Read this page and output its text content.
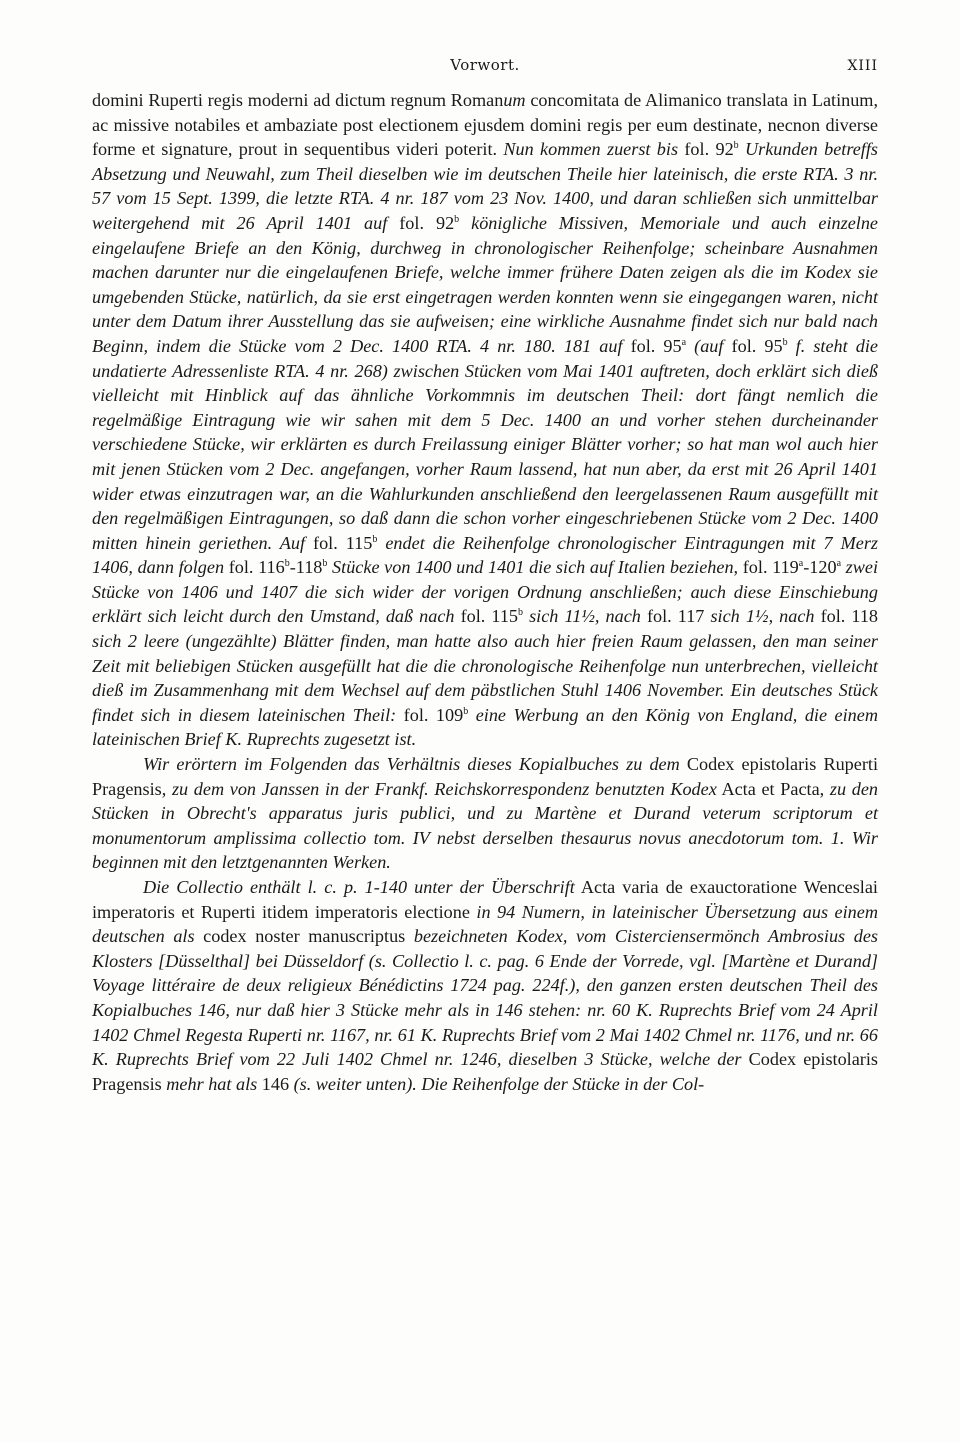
Vorwort.	XIII

domini Ruperti regis moderni ad dictum regnum Romanum concomitata de Alimanico translata in Latinum, ac missive notabiles et ambaziate post electionem ejusdem domini regis per eum destinate, necnon diverse forme et signature, prout in sequentibus videri poterit. Nun kommen zuerst bis fol. 92$^b$ Urkunden betreffs Absetzung und Neuwahl, zum Theil dieselben wie im deutschen Theile hier lateinisch, die erste RTA. 3 nr. 57 vom 15 Sept. 1399, die letzte RTA. 4 nr. 187 vom 23 Nov. 1400, und daran schließen sich unmittelbar weitergehend mit 26 April 1401 auf fol. 92$^b$ königliche Missiven, Memoriale und auch einzelne eingelaufene Briefe an den König, durchweg in chronologischer Reihenfolge; scheinbare Ausnahmen machen darunter nur die eingelaufenen Briefe, welche immer frühere Daten zeigen als die im Kodex sie umgebenden Stücke, natürlich, da sie erst eingetragen werden konnten wenn sie eingegangen waren, nicht unter dem Datum ihrer Ausstellung das sie aufweisen; eine wirkliche Ausnahme findet sich nur bald nach Beginn, indem die Stücke vom 2 Dec. 1400 RTA. 4 nr. 180. 181 auf fol. 95$^a$ (auf fol. 95$^b$ f. steht die undatierte Adressenliste RTA. 4 nr. 268) zwischen Stücken vom Mai 1401 auftreten, doch erklärt sich dieß vielleicht mit Hinblick auf das ähnliche Vorkommnis im deutschen Theil: dort fängt nemlich die regelmäßige Eintragung wie wir sahen mit dem 5 Dec. 1400 an und vorher stehen durcheinander verschiedene Stücke, wir erklärten es durch Freilassung einiger Blätter vorher; so hat man wol auch hier mit jenen Stücken vom 2 Dec. angefangen, vorher Raum lassend, hat nun aber, da erst mit 26 April 1401 wider etwas einzutragen war, an die Wahlurkunden anschließend den leergelassenen Raum ausgefüllt mit den regelmäßigen Eintragungen, so daß dann die schon vorher eingeschriebenen Stücke vom 2 Dec. 1400 mitten hinein geriethen. Auf fol. 115$^b$ endet die Reihenfolge chronologischer Eintragungen mit 7 Merz 1406, dann folgen fol. 116$^b$-118$^b$ Stücke von 1400 und 1401 die sich auf Italien beziehen, fol. 119$^a$-120$^a$ zwei Stücke von 1406 und 1407 die sich wider der vorigen Ordnung anschließen; auch diese Einschiebung erklärt sich leicht durch den Umstand, daß nach fol. 115$^b$ sich 11½, nach fol. 117 sich 1½, nach fol. 118 sich 2 leere (ungezählte) Blätter finden, man hatte also auch hier freien Raum gelassen, den man seiner Zeit mit beliebigen Stücken ausgefüllt hat die die chronologische Reihenfolge nun unterbrechen, vielleicht dieß im Zusammenhang mit dem Wechsel auf dem päbstlichen Stuhl 1406 November. Ein deutsches Stück findet sich in diesem lateinischen Theil: fol. 109$^b$ eine Werbung an den König von England, die einem lateinischen Brief K. Ruprechts zugesetzt ist.

Wir erörtern im Folgenden das Verhältnis dieses Kopialbuches zu dem Codex epistolaris Ruperti Pragensis, zu dem von Janssen in der Frankf. Reichskorrespondenz benutzten Kodex Acta et Pacta, zu den Stücken in Obrecht's apparatus juris publici, und zu Martène et Durand veterum scriptorum et monumentorum amplissima collectio tom. IV nebst derselben thesaurus novus anecdotorum tom. 1. Wir beginnen mit den letztgenannten Werken.

Die Collectio enthält l. c. p. 1-140 unter der Überschrift Acta varia de exauctoratione Wenceslai imperatoris et Ruperti itidem imperatoris electione in 94 Numern, in lateinischer Übersetzung aus einem deutschen als codex noster manuscriptus bezeichneten Kodex, vom Cisterciensermönch Ambrosius des Klosters [Düsselthal] bei Düsseldorf (s. Collectio l. c. pag. 6 Ende der Vorrede, vgl. [Martène et Durand] Voyage littéraire de deux religieux Bénédictins 1724 pag. 224f.), den ganzen ersten deutschen Theil des Kopialbuches 146, nur daß hier 3 Stücke mehr als in 146 stehen: nr. 60 K. Ruprechts Brief vom 24 April 1402 Chmel Regesta Ruperti nr. 1167, nr. 61 K. Ruprechts Brief vom 2 Mai 1402 Chmel nr. 1176, und nr. 66 K. Ruprechts Brief vom 22 Juli 1402 Chmel nr. 1246, dieselben 3 Stücke, welche der Codex epistolaris Pragensis mehr hat als 146 (s. weiter unten). Die Reihenfolge der Stücke in der Col-
